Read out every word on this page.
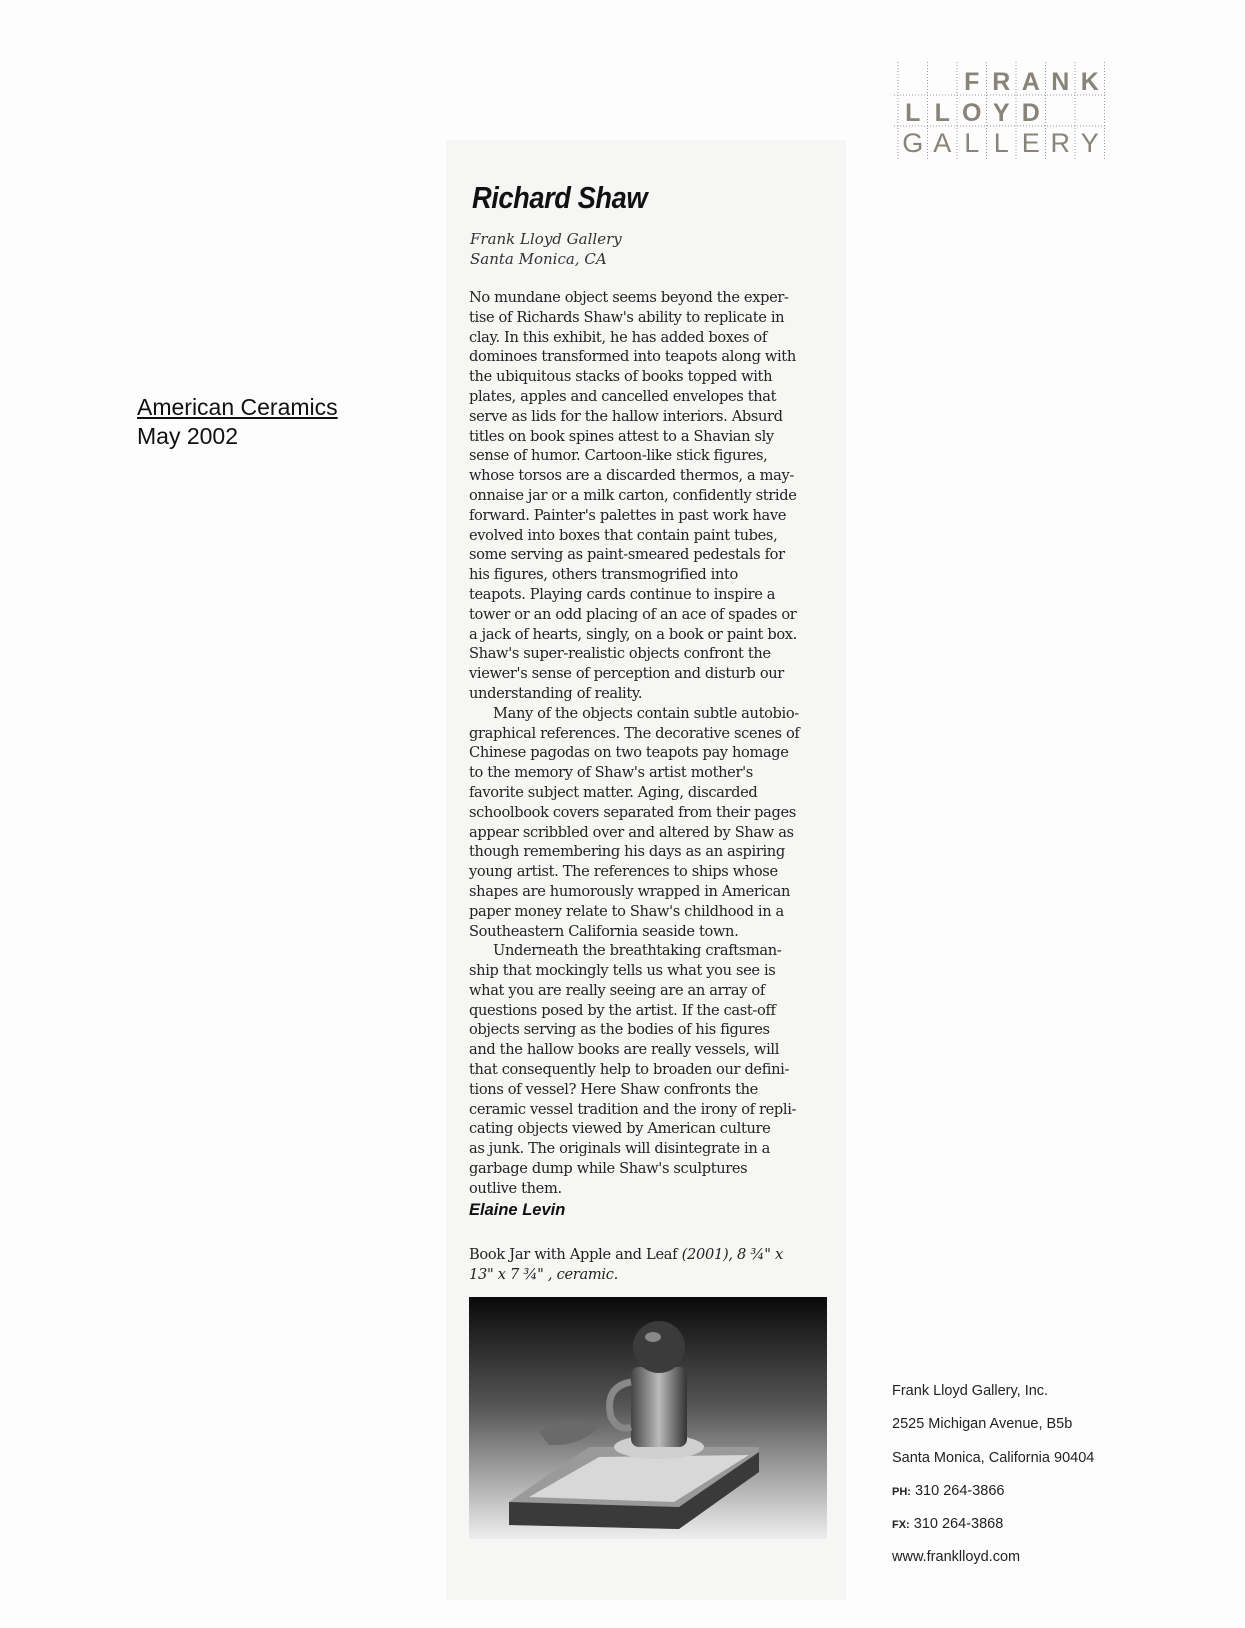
F R A N K
L L O Y D
G A L L E R Y
American Ceramics
May 2002
Richard Shaw
Frank Lloyd Gallery
Santa Monica, CA
No mundane object seems beyond the exper-
tise of Richards Shaw's ability to replicate in
clay. In this exhibit, he has added boxes of
dominoes transformed into teapots along with
the ubiquitous stacks of books topped with
plates, apples and cancelled envelopes that
serve as lids for the hallow interiors. Absurd
titles on book spines attest to a Shavian sly
sense of humor. Cartoon-like stick figures,
whose torsos are a discarded thermos, a may-
onnaise jar or a milk carton, confidently stride
forward. Painter's palettes in past work have
evolved into boxes that contain paint tubes,
some serving as paint-smeared pedestals for
his figures, others transmogrified into
teapots. Playing cards continue to inspire a
tower or an odd placing of an ace of spades or
a jack of hearts, singly, on a book or paint box.
Shaw's super-realistic objects confront the
viewer's sense of perception and disturb our
understanding of reality.
Many of the objects contain subtle autobio-
graphical references. The decorative scenes of
Chinese pagodas on two teapots pay homage
to the memory of Shaw's artist mother's
favorite subject matter. Aging, discarded
schoolbook covers separated from their pages
appear scribbled over and altered by Shaw as
though remembering his days as an aspiring
young artist. The references to ships whose
shapes are humorously wrapped in American
paper money relate to Shaw's childhood in a
Southeastern California seaside town.
Underneath the breathtaking craftsman-
ship that mockingly tells us what you see is
what you are really seeing are an array of
questions posed by the artist. If the cast-off
objects serving as the bodies of his figures
and the hallow books are really vessels, will
that consequently help to broaden our defini-
tions of vessel? Here Shaw confronts the
ceramic vessel tradition and the irony of repli-
cating objects viewed by American culture
as junk. The originals will disintegrate in a
garbage dump while Shaw's sculptures
outlive them.
Elaine Levin
Book Jar with Apple and Leaf (2001), 8 ¾" x
13" x 7 ¾" , ceramic.
Frank Lloyd Gallery, Inc.
2525 Michigan Avenue, B5b
Santa Monica, California 90404
PH: 310 264-3866
FX: 310 264-3868
www.franklloyd.com
